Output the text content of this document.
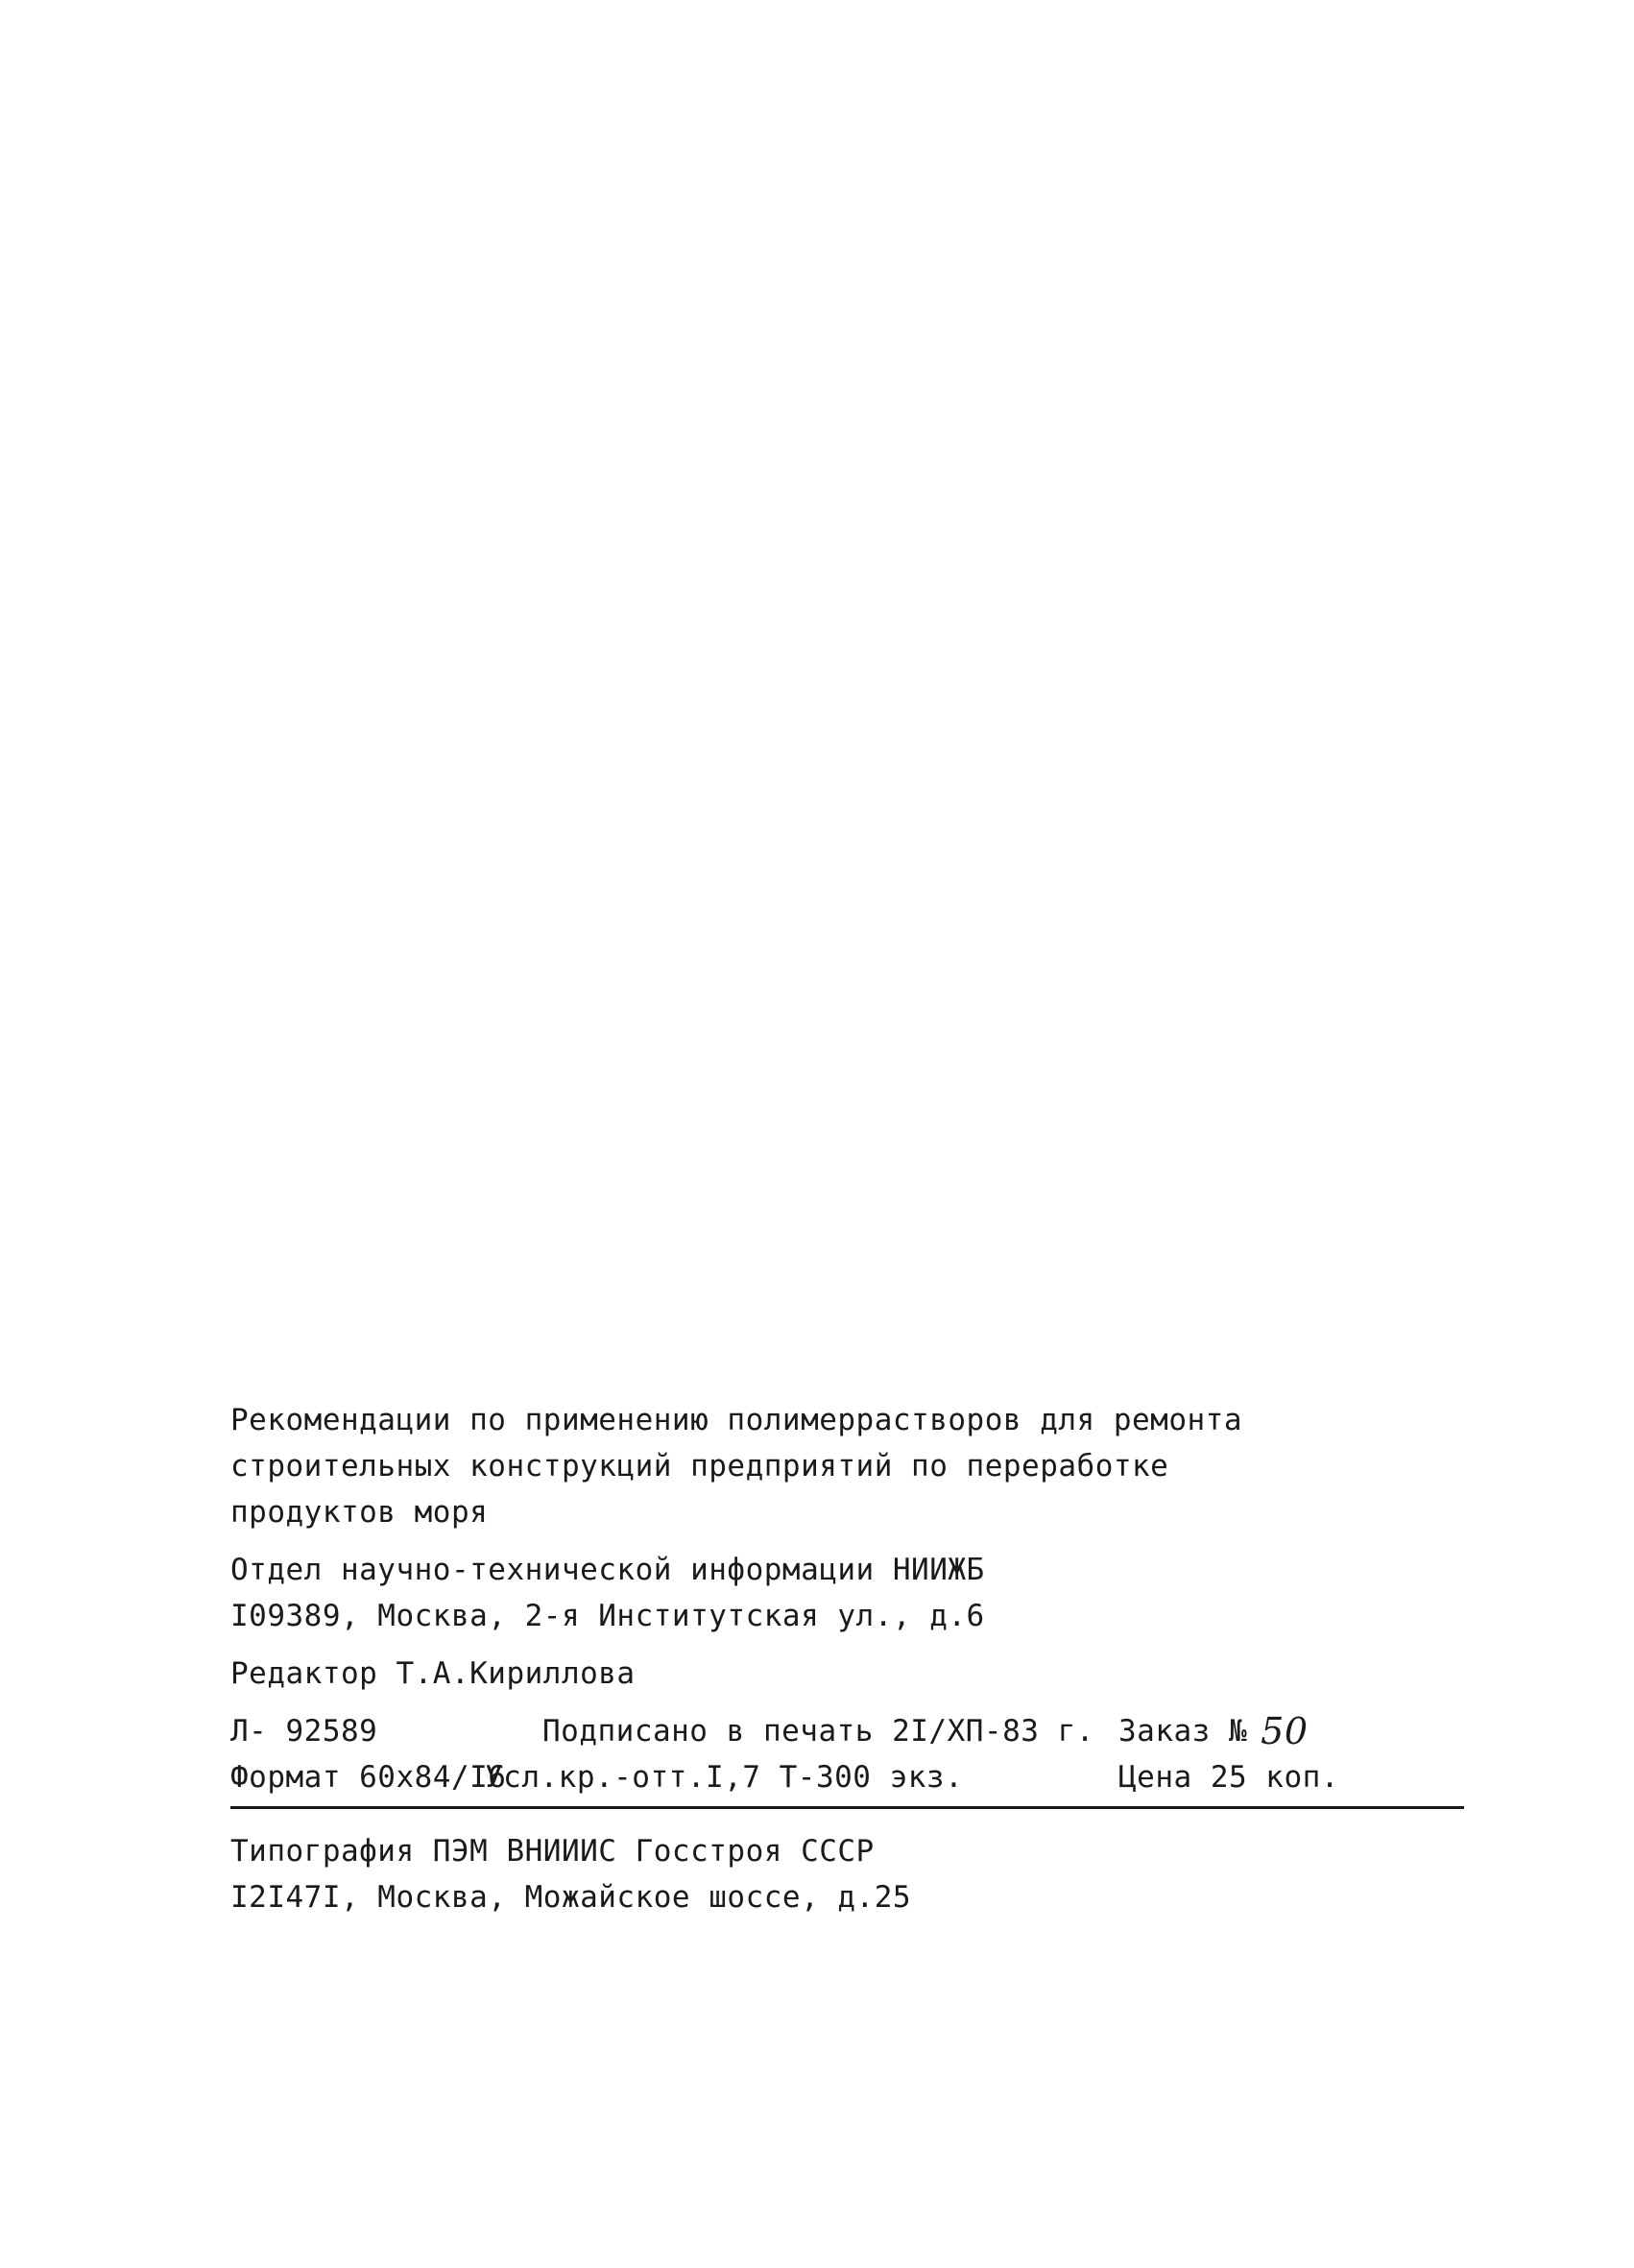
Рекомендации по применению полимеррастворов для ремонта
строительных конструкций предприятий по переработке
продуктов моря
Отдел научно-технической информации НИИЖБ
I09389, Москва, 2-я Институтская ул., д.6
Редактор Т.А.Кириллова
Л- 92589	Подписано в печать 2I/XП-83 г. Заказ № 50
Формат 60х84/I6
Усл.кр.-отт.I,7 Т-300 экз.	Цена 25 коп.
Типография ПЭМ ВНИИИС Госстроя СССР
I2I47I, Москва, Можайское шоссе, д.25
